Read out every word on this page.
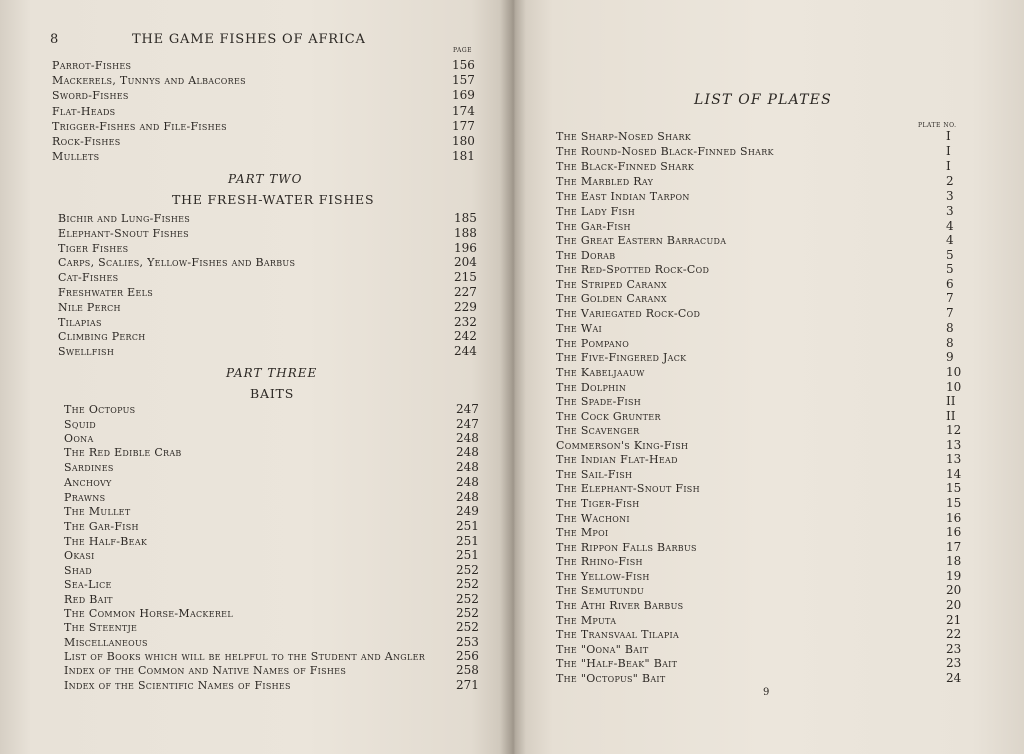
8	THE GAME FISHES OF AFRICA
PAGE
Parrot-Fishes	156
Mackerels, Tunnys and Albacores	157
Sword-Fishes	169
Flat-Heads	174
Trigger-Fishes and File-Fishes	177
Rock-Fishes	180
Mullets	181
PART TWO
THE FRESH-WATER FISHES
Bichir and Lung-Fishes	185
Elephant-Snout Fishes	188
Tiger Fishes	196
Carps, Scalies, Yellow-Fishes and Barbus	204
Cat-Fishes	215
Freshwater Eels	227
Nile Perch	229
Tilapias	232
Climbing Perch	242
Swellfish	244
PART THREE
BAITS
The Octopus	247
Squid	247
Oona	248
The Red Edible Crab	248
Sardines	248
Anchovy	248
Prawns	248
The Mullet	249
The Gar-Fish	251
The Half-Beak	251
Okasi	251
Shad	252
Sea-Lice	252
Red Bait	252
The Common Horse-Mackerel	252
The Steentje	252
Miscellaneous	253
List of Books which will be helpful to the Student and Angler	256
Index of the Common and Native Names of Fishes	258
Index of the Scientific Names of Fishes	271
LIST OF PLATES
PLATE NO.
The Sharp-Nosed Shark	I
The Round-Nosed Black-Finned Shark	I
The Black-Finned Shark	I
The Marbled Ray	2
The East Indian Tarpon	3
The Lady Fish	3
The Gar-Fish	4
The Great Eastern Barracuda	4
The Dorab	5
The Red-Spotted Rock-Cod	5
The Striped Caranx	6
The Golden Caranx	7
The Variegated Rock-Cod	7
The Wai	8
The Pompano	8
The Five-Fingered Jack	9
The Kabeljaauw	10
The Dolphin	10
The Spade-Fish	II
The Cock Grunter	II
The Scavenger	12
Commerson's King-Fish	13
The Indian Flat-Head	13
The Sail-Fish	14
The Elephant-Snout Fish	15
The Tiger-Fish	15
The Wachoni	16
The Mpoi	16
The Rippon Falls Barbus	17
The Rhino-Fish	18
The Yellow-Fish	19
The Semutundu	20
The Athi River Barbus	20
The Mputa	21
The Transvaal Tilapia	22
The "Oona" Bait	23
The "Half-Beak" Bait	23
The "Octopus" Bait	24
9
